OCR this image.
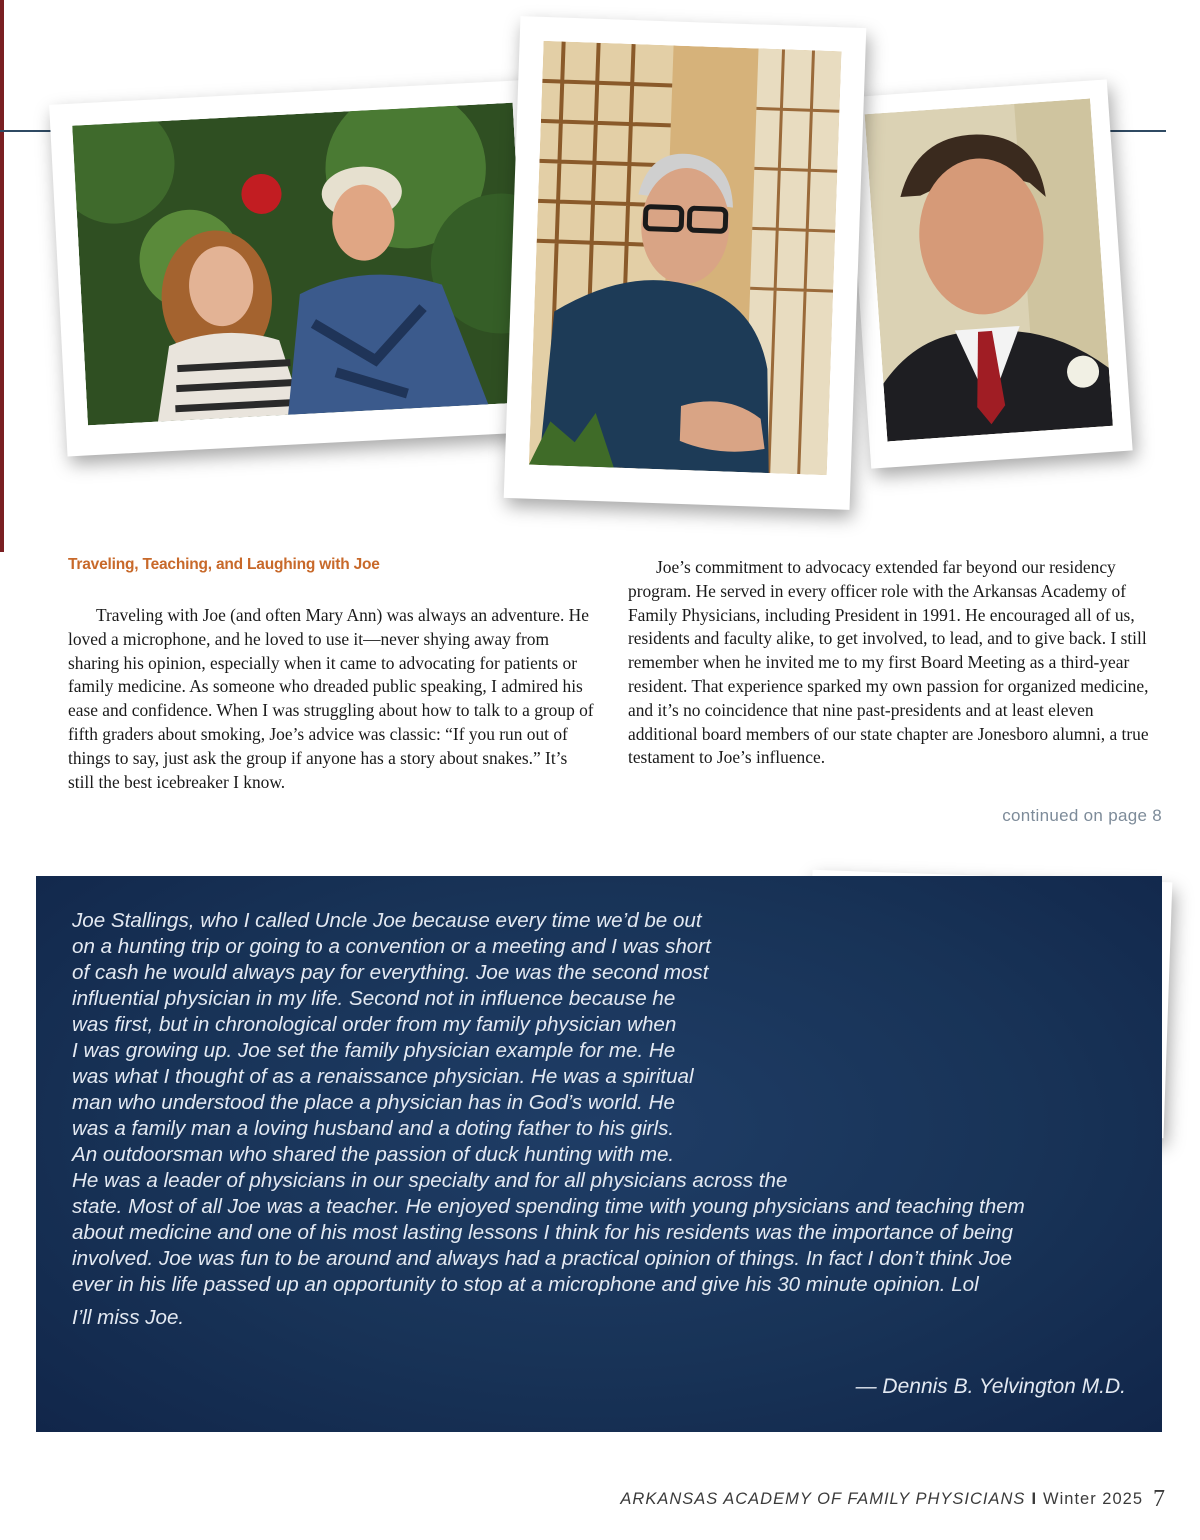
Traveling, Teaching, and Laughing with Joe

Traveling with Joe (and often Mary Ann) was always an adventure. He loved a microphone, and he loved to use it—never shying away from sharing his opinion, especially when it came to advocating for patients or family medicine. As someone who dreaded public speaking, I admired his ease and confidence. When I was struggling about how to talk to a group of fifth graders about smoking, Joe’s advice was classic: “If you run out of things to say, just ask the group if anyone has a story about snakes.” It’s still the best icebreaker I know.

Joe’s commitment to advocacy extended far beyond our residency program. He served in every officer role with the Arkansas Academy of Family Physicians, including President in 1991. He encouraged all of us, residents and faculty alike, to get involved, to lead, and to give back. I still remember when he invited me to my first Board Meeting as a third-year resident. That experience sparked my own passion for organized medicine, and it’s no coincidence that nine past-presidents and at least eleven additional board members of our state chapter are Jonesboro alumni, a true testament to Joe’s influence.

continued on page 8

Joe Stallings, who I called Uncle Joe because every time we’d be out
on a hunting trip or going to a convention or a meeting and I was short
of cash he would always pay for everything. Joe was the second most
influential physician in my life. Second not in influence because he
was first, but in chronological order from my family physician when
I was growing up. Joe set the family physician example for me. He
was what I thought of as a renaissance physician. He was a spiritual
man who understood the place a physician has in God’s world. He
was a family man a loving husband and a doting father to his girls.
An outdoorsman who shared the passion of duck hunting with me.
He was a leader of physicians in our specialty and for all physicians across the
state. Most of all Joe was a teacher. He enjoyed spending time with young physicians and teaching them
about medicine and one of his most lasting lessons I think for his residents was the importance of being
involved. Joe was fun to be around and always had a practical opinion of things. In fact I don’t think Joe
ever in his life passed up an opportunity to stop at a microphone and give his 30 minute opinion. Lol

I’ll miss Joe.
— Dennis B. Yelvington M.D.
ARKANSAS ACADEMY OF FAMILY PHYSICIANS I Winter 2025 7
